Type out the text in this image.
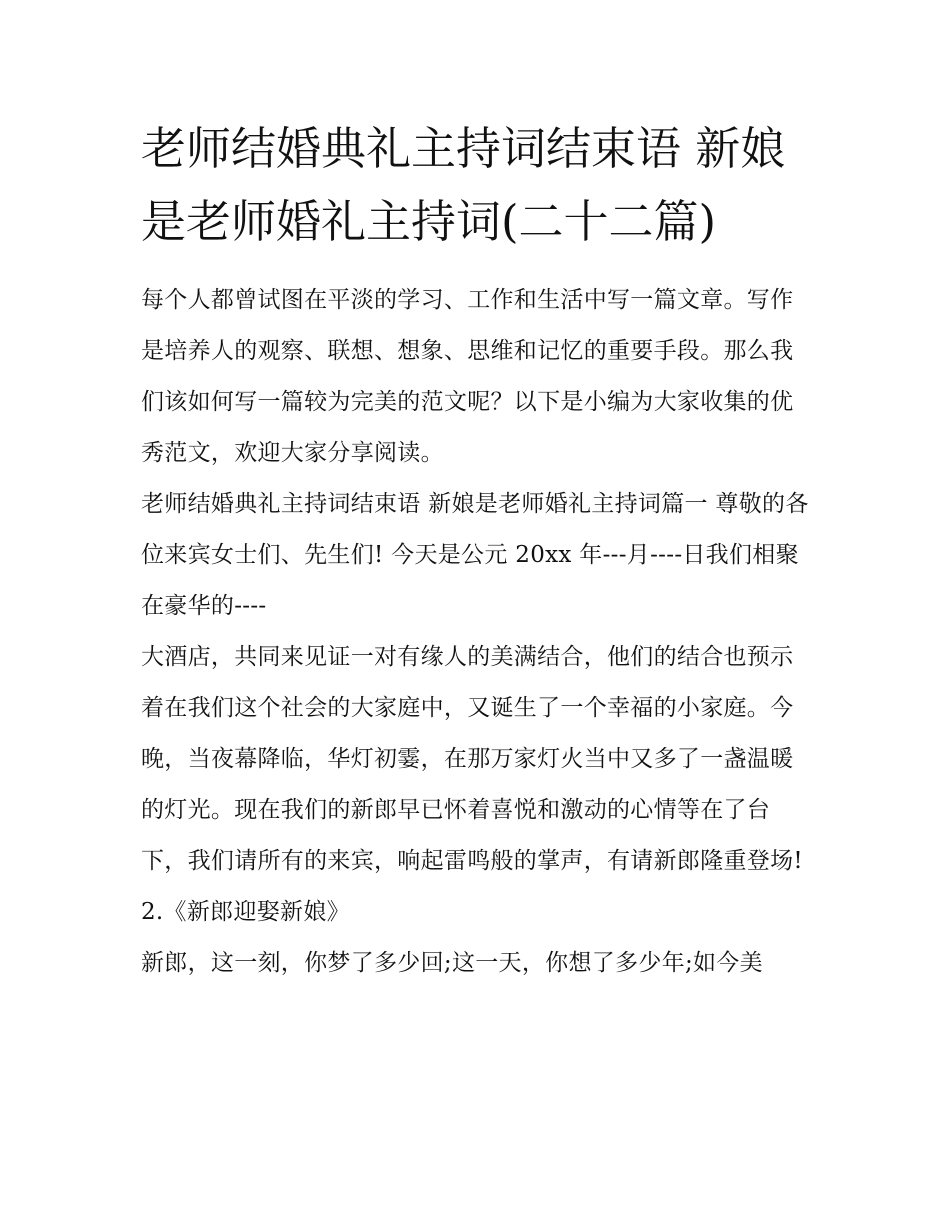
老师结婚典礼主持词结束语 新娘是老师婚礼主持词(二十二篇)

每个人都曾试图在平淡的学习、工作和生活中写一篇文章。写作是培养人的观察、联想、想象、思维和记忆的重要手段。那么我们该如何写一篇较为完美的范文呢？以下是小编为大家收集的优秀范文，欢迎大家分享阅读。

老师结婚典礼主持词结束语 新娘是老师婚礼主持词篇一 尊敬的各位来宾女士们、先生们! 今天是公元 20xx 年---月----日我们相聚在豪华的----

大酒店，共同来见证一对有缘人的美满结合，他们的结合也预示着在我们这个社会的大家庭中，又诞生了一个幸福的小家庭。今晚，当夜幕降临，华灯初霎，在那万家灯火当中又多了一盏温暖的灯光。现在我们的新郎早已怀着喜悦和激动的心情等在了台下，我们请所有的来宾，响起雷鸣般的掌声，有请新郎隆重登场!

2.《新郎迎娶新娘》

新郎，这一刻，你梦了多少回;这一天，你想了多少年;如今美
